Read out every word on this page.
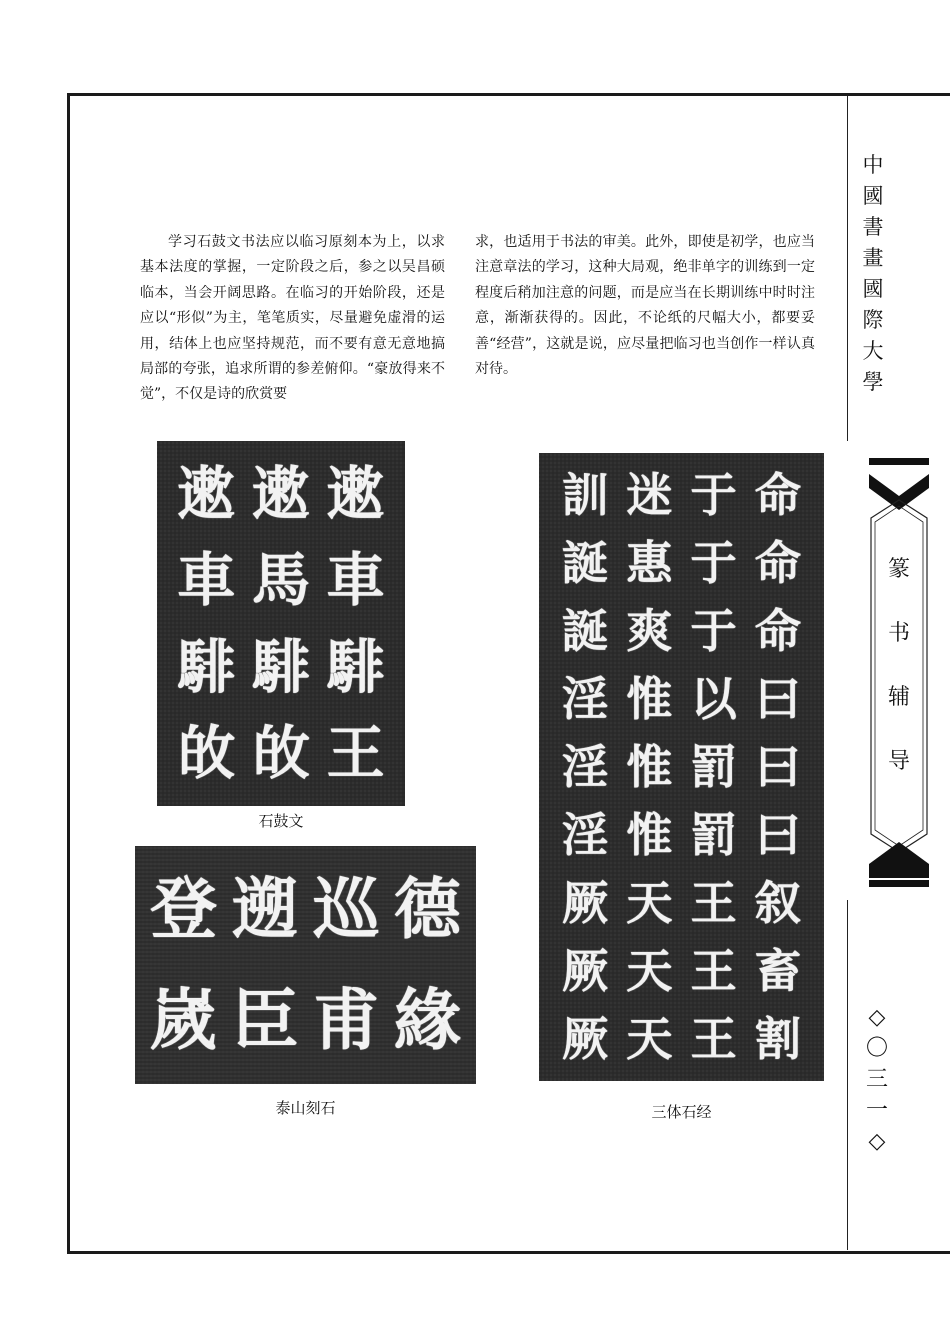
中國書畫國際大學
篆书辅导
◇〇三一◇

学习石鼓文书法应以临习原刻本为上，以求基本法度的掌握，一定阶段之后，参之以吴昌硕临本，当会开阔思路。在临习的开始阶段，还是应以“形似”为主，笔笔质实，尽量避免虚滑的运用，结体上也应坚持规范，而不要有意无意地搞局部的夸张，追求所谓的参差俯仰。“豪放得来不觉”，不仅是诗的欣赏要

求，也适用于书法的审美。此外，即使是初学，也应当注意章法的学习，这种大局观，绝非单字的训练到一定程度后稍加注意的问题，而是应当在长期训练中时时注意，渐渐获得的。因此，不论纸的尺幅大小，都要妥善“经营”，这就是说，应尽量把临习也当创作一样认真对待。

遬
車
騑
王
遬
馬
騑
敀
遬
車
騑
敀
石鼓文
德
緣
巡
甫
遡
臣
登
嵗
泰山刻石
命
命
命
曰
曰
曰
叙
畜
割
于
于
于
以
罰
罰
王
王
王
迷
惠
爽
惟
惟
惟
天
天
天
訓
誕
誕
淫
淫
淫
厥
厥
厥
三体石经
